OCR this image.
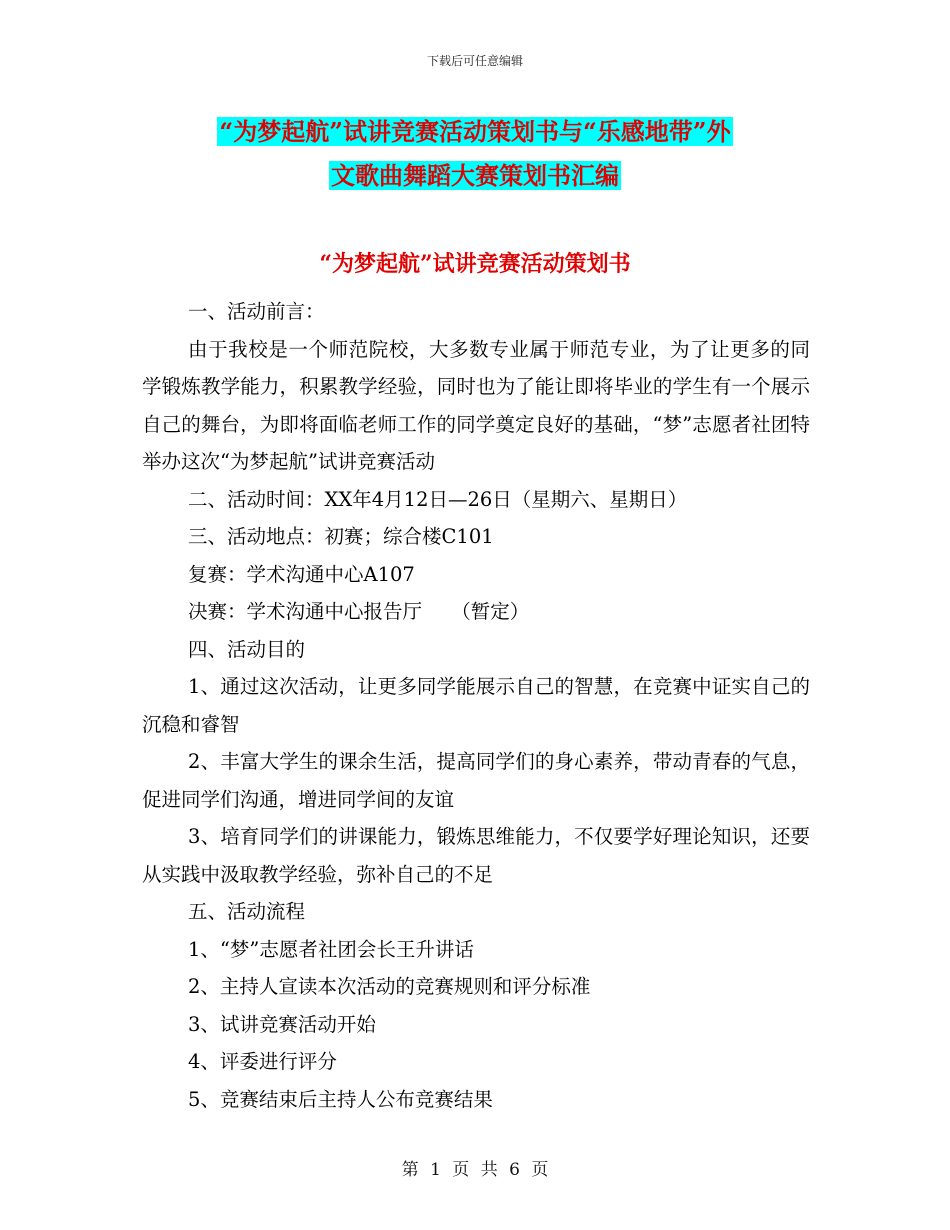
下载后可任意编辑
“为梦起航”试讲竞赛活动策划书与“乐感地带”外
文歌曲舞蹈大赛策划书汇编
“为梦起航”试讲竞赛活动策划书

一、活动前言：

由于我校是一个师范院校，大多数专业属于师范专业，为了让更多的同学锻炼教学能力，积累教学经验，同时也为了能让即将毕业的学生有一个展示自己的舞台，为即将面临老师工作的同学奠定良好的基础，“梦”志愿者社团特举办这次“为梦起航”试讲竞赛活动

二、活动时间：XX年4月12日—26日（星期六、星期日）

三、活动地点：初赛；综合楼C101

复赛：学术沟通中心A107

决赛：学术沟通中心报告厅　　（暂定）

四、活动目的

1、通过这次活动，让更多同学能展示自己的智慧，在竞赛中证实自己的沉稳和睿智

2、丰富大学生的课余生活，提高同学们的身心素养，带动青春的气息，促进同学们沟通，增进同学间的友谊

3、培育同学们的讲课能力，锻炼思维能力，不仅要学好理论知识，还要从实践中汲取教学经验，弥补自己的不足

五、活动流程

1、“梦”志愿者社团会长王升讲话

2、主持人宣读本次活动的竞赛规则和评分标准

3、试讲竞赛活动开始

4、评委进行评分

5、竞赛结束后主持人公布竞赛结果

第 1 页 共 6 页
